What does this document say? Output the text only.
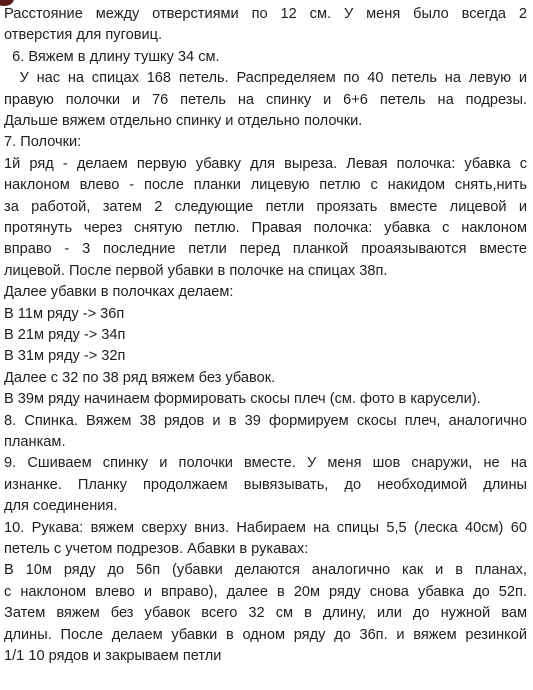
Расстояние между отверстиями по 12 см. У меня было всегда 2
отверстия для пуговиц.
6. Вяжем в длину тушку 34 см.
У нас на спицах 168 петель. Распределяем по 40 петель на левую и
правую полочки и 76 петель на спинку и 6+6 петель на подрезы.
Дальше вяжем отдельно спинку и отдельно полочки.
7. Полочки:
1й ряд - делаем первую убавку для выреза. Левая полочка: убавка с
наклоном влево - после планки лицевую петлю с накидом снять,нить
за работой, затем 2 следующие петли проязать вместе лицевой и
протянуть через снятую петлю. Правая полочка: убавка с наклоном
вправо - 3 последние петли перед планкой проаязываются вместе
лицевой. После первой убавки в полочке на спицах 38п.
Далее убавки в полочках делаем:
В 11м ряду -> 36п
В 21м ряду -> 34п
В 31м ряду -> 32п
Далее с 32 по 38 ряд вяжем без убавок.
В 39м ряду начинаем формировать скосы плеч (см. фото в карусели).
8. Спинка. Вяжем 38 рядов и в 39 формируем скосы плеч, аналогично
планкам.
9. Сшиваем спинку и полочки вместе. У меня шов снаружи, не на
изнанке. Планку продолжаем вывязывать, до необходимой длины
для соединения.
10. Рукава: вяжем сверху вниз. Набираем на спицы 5,5 (леска 40см) 60
петель с учетом подрезов. Абавки в рукавах:
В 10м ряду до 56п (убавки делаются аналогично как и в планах,
с наклоном влево и вправо), далее в 20м ряду снова убавка до 52п.
Затем вяжем без убавок всего 32 см в длину, или до нужной вам
длины. После делаем убавки в одном ряду до 36п. и вяжем резинкой
1/1 10 рядов и закрываем петли
